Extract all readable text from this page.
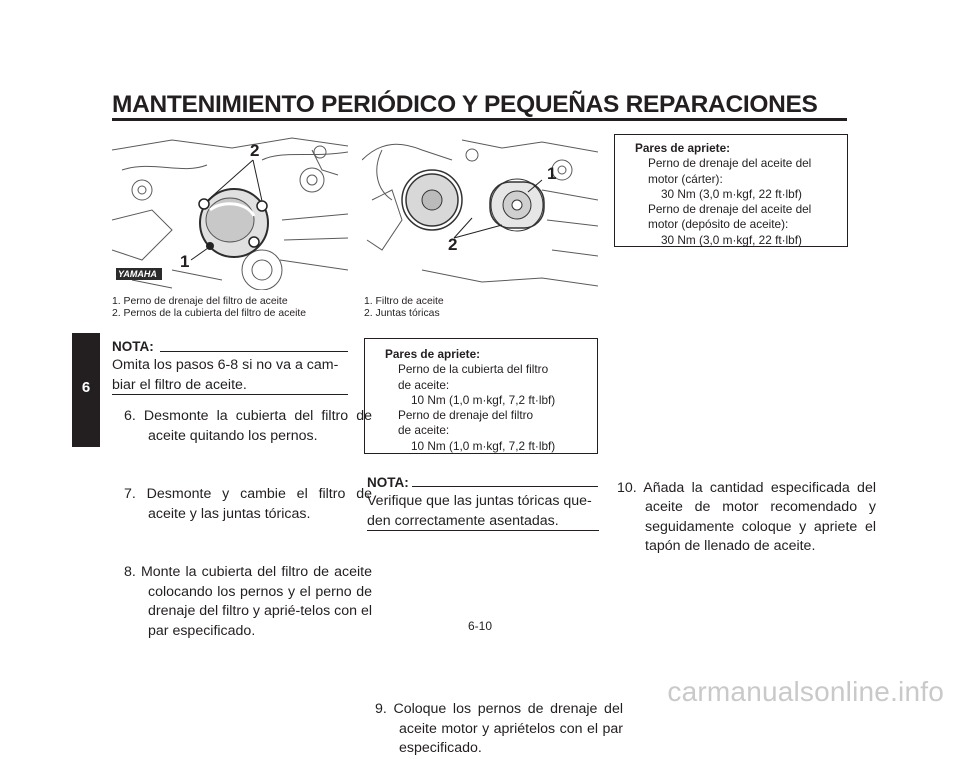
MANTENIMIENTO PERIÓDICO Y PEQUEÑAS REPARACIONES
6
2
1
YAMAHA
1. Perno de drenaje del filtro de aceite
2. Pernos de la cubierta del filtro de aceite
NOTA:
Omita los pasos 6-8 si no va a cam-biar el filtro de aceite.
6. Desmonte la cubierta del filtro de aceite quitando los pernos.
7. Desmonte y cambie el filtro de aceite y las juntas tóricas.
8. Monte la cubierta del filtro de aceite colocando los pernos y el perno de drenaje del filtro y aprié-telos con el par especificado.
1
2
1. Filtro de aceite
2. Juntas tóricas
Pares de apriete:
Perno de la cubierta del filtro
de aceite:
10 Nm (1,0 m·kgf, 7,2 ft·lbf)
Perno de drenaje del filtro
de aceite:
10 Nm (1,0 m·kgf, 7,2 ft·lbf)
NOTA:
Verifique que las juntas tóricas que-den correctamente asentadas.
9. Coloque los pernos de drenaje del aceite motor y apriételos con el par especificado.
Pares de apriete:
Perno de drenaje del aceite del
motor (cárter):
30 Nm (3,0 m·kgf, 22 ft·lbf)
Perno de drenaje del aceite del
motor (depósito de aceite):
30 Nm (3,0 m·kgf, 22 ft·lbf)
10. Añada la cantidad especificada del aceite de motor recomendado y seguidamente coloque y apriete el tapón de llenado de aceite.
6-10
carmanualsonline.info
